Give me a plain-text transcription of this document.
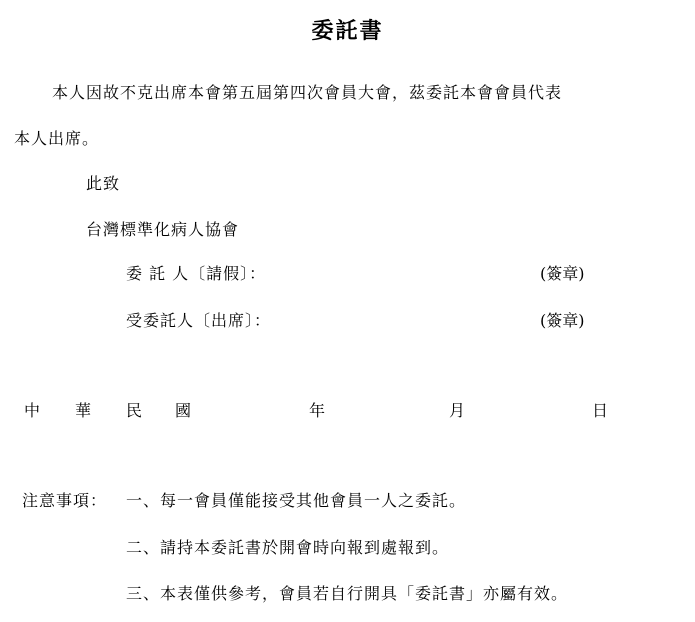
委託書
本人因故不克出席本會第五屆第四次會員大會，茲委託本會會員代表
本人出席。
此致
台灣標準化病人協會
委 託 人〔請假〕：	(簽章)
受委託人〔出席〕：	(簽章)
中 華 民 國	年	月	日
注意事項： 一、每一會員僅能接受其他會員一人之委託。
二、請持本委託書於開會時向報到處報到。
三、本表僅供參考，會員若自行開具「委託書」亦屬有效。
